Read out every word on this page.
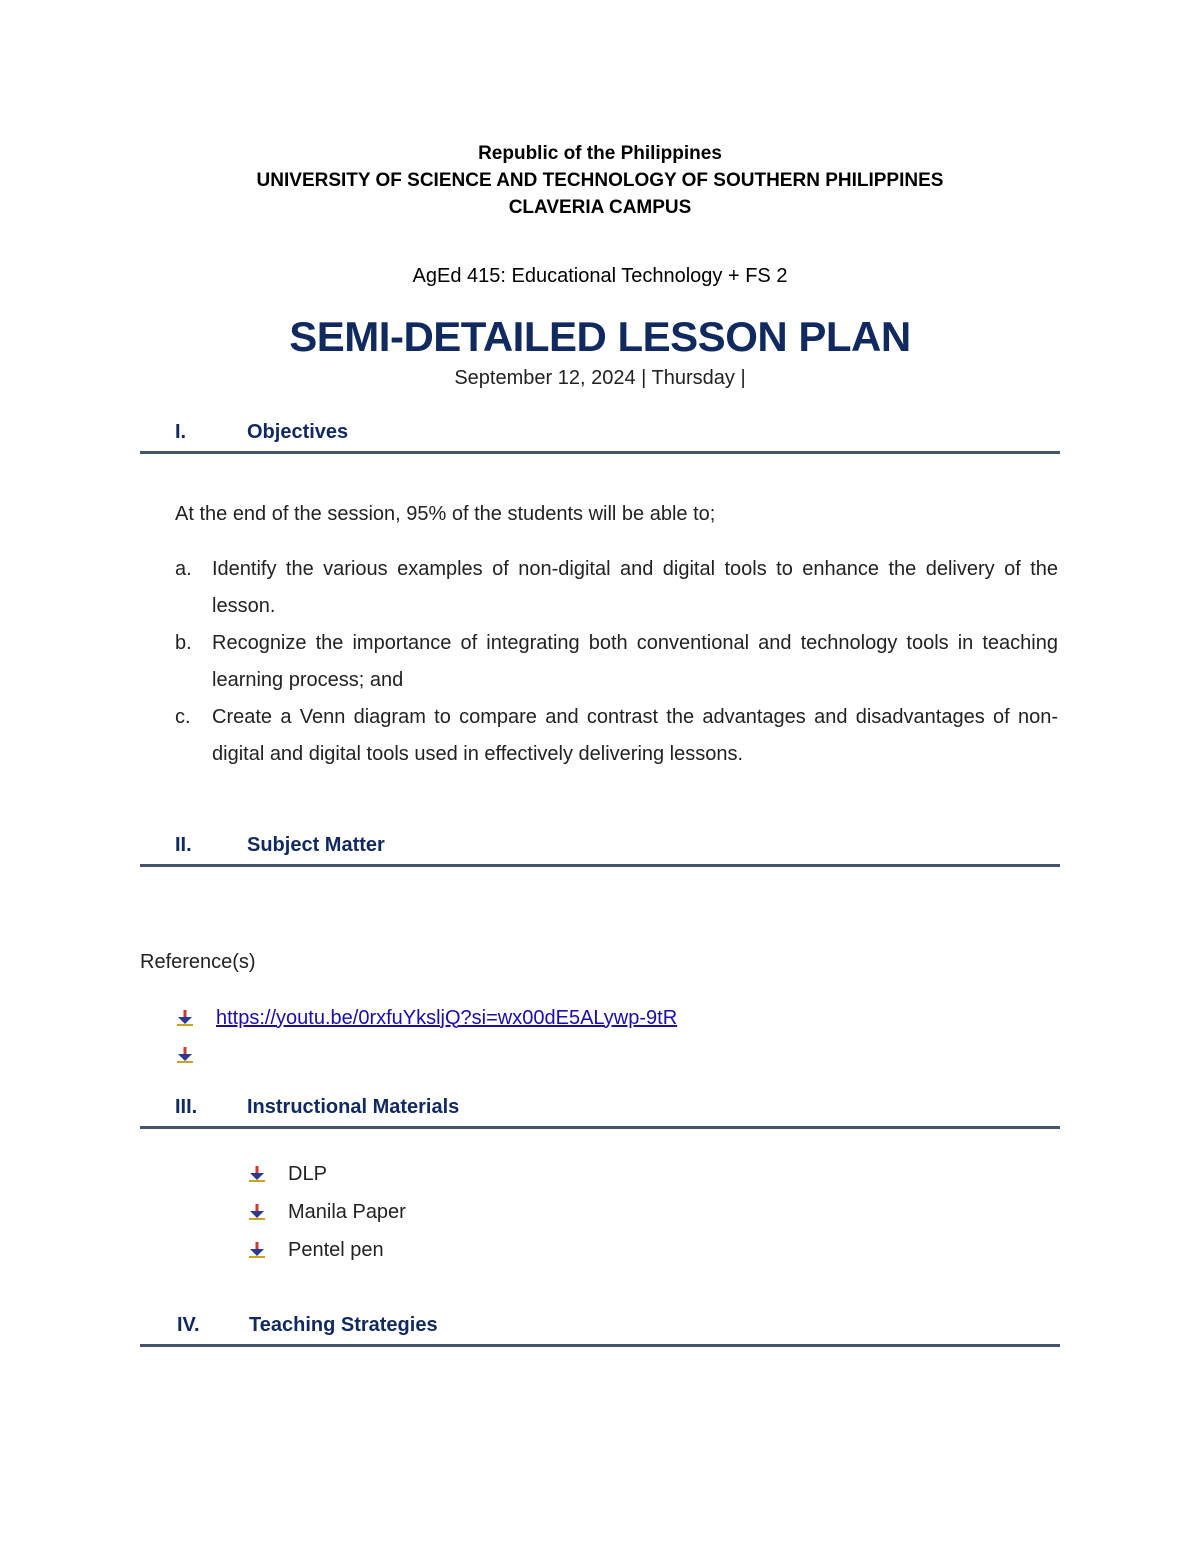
Republic of the Philippines
UNIVERSITY OF SCIENCE AND TECHNOLOGY OF SOUTHERN PHILIPPINES
CLAVERIA CAMPUS
AgEd 415: Educational Technology + FS 2
SEMI-DETAILED LESSON PLAN
September 12, 2024 | Thursday |
I.	Objectives
At the end of the session, 95% of the students will be able to;
a. Identify the various examples of non-digital and digital tools to enhance the delivery of the lesson.
b. Recognize the importance of integrating both conventional and technology tools in teaching learning process; and
c. Create a Venn diagram to compare and contrast the advantages and disadvantages of non-digital and digital tools used in effectively delivering lessons.
II.	Subject Matter
Reference(s)
https://youtu.be/0rxfuYksljQ?si=wx00dE5ALywp-9tR
III. Instructional Materials
DLP
Manila Paper
Pentel pen
IV. Teaching Strategies
